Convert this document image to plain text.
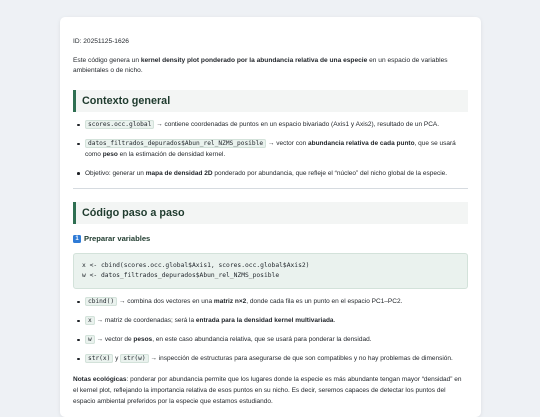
ID: 20251125-1626

Este código genera un kernel density plot ponderado por la abundancia relativa de una especie en un espacio de variables ambientales o de nicho.

Contexto general
scores.occ.global → contiene coordenadas de puntos en un espacio bivariado (Axis1 y Axis2), resultado de un PCA.
datos_filtrados_depurados$Abun_rel_NZMS_posible → vector con abundancia relativa de cada punto, que se usará como peso en la estimación de densidad kernel.
Objetivo: generar un mapa de densidad 2D ponderado por abundancia, que refleje el “núcleo” del nicho global de la especie.
Código paso a paso
1 Preparar variables
x <- cbind(scores.occ.global$Axis1, scores.occ.global$Axis2)
w <- datos_filtrados_depurados$Abun_rel_NZMS_posible
cbind() → combina dos vectores en una matriz n×2, donde cada fila es un punto en el espacio PC1–PC2.
x → matriz de coordenadas; será la entrada para la densidad kernel multivariada.
w → vector de pesos, en este caso abundancia relativa, que se usará para ponderar la densidad.
str(x) y str(w) → inspección de estructuras para asegurarse de que son compatibles y no hay problemas de dimensión.

Notas ecológicas: ponderar por abundancia permite que los lugares donde la especie es más abundante tengan mayor “densidad” en el kernel plot, reflejando la importancia relativa de esos puntos en su nicho. Es decir, seremos capaces de detectar los puntos del espacio ambiental preferidos por la especie que estamos estudiando.
